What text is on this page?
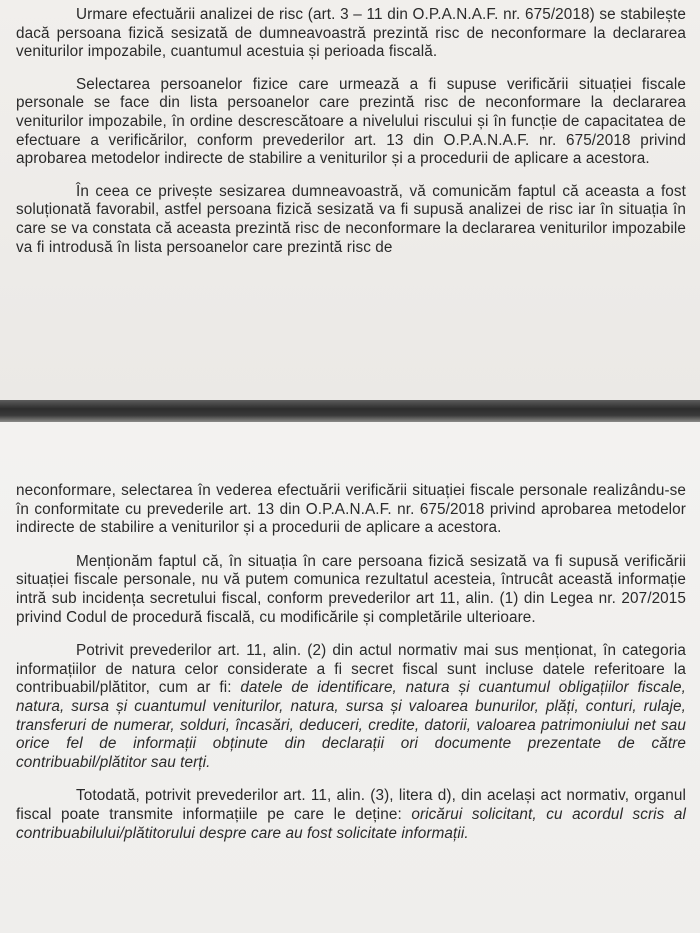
Urmare efectuării analizei de risc (art. 3 – 11 din O.P.A.N.A.F. nr. 675/2018) se stabilește dacă persoana fizică sesizată de dumneavoastră prezintă risc de neconformare la declararea veniturilor impozabile, cuantumul acestuia și perioada fiscală.

Selectarea persoanelor fizice care urmează a fi supuse verificării situației fiscale personale se face din lista persoanelor care prezintă risc de neconformare la declararea veniturilor impozabile, în ordine descrescătoare a nivelului riscului și în funcție de capacitatea de efectuare a verificărilor, conform prevederilor art. 13 din O.P.A.N.A.F. nr. 675/2018 privind aprobarea metodelor indirecte de stabilire a veniturilor și a procedurii de aplicare a acestora.

În ceea ce privește sesizarea dumneavoastră, vă comunicăm faptul că aceasta a fost soluționată favorabil, astfel persoana fizică sesizată va fi supusă analizei de risc iar în situația în care se va constata că aceasta prezintă risc de neconformare la declararea veniturilor impozabile va fi introdusă în lista persoanelor care prezintă risc de

neconformare, selectarea în vederea efectuării verificării situației fiscale personale realizându-se în conformitate cu prevederile art. 13 din O.P.A.N.A.F. nr. 675/2018 privind aprobarea metodelor indirecte de stabilire a veniturilor și a procedurii de aplicare a acestora.

Menționăm faptul că, în situația în care persoana fizică sesizată va fi supusă verificării situației fiscale personale, nu vă putem comunica rezultatul acesteia, întrucât această informație intră sub incidența secretului fiscal, conform prevederilor art 11, alin. (1) din Legea nr. 207/2015 privind Codul de procedură fiscală, cu modificările și completările ulterioare.

Potrivit prevederilor art. 11, alin. (2) din actul normativ mai sus menționat, în categoria informațiilor de natura celor considerate a fi secret fiscal sunt incluse datele referitoare la contribuabil/plătitor, cum ar fi: datele de identificare, natura și cuantumul obligațiilor fiscale, natura, sursa și cuantumul veniturilor, natura, sursa și valoarea bunurilor, plăți, conturi, rulaje, transferuri de numerar, solduri, încasări, deduceri, credite, datorii, valoarea patrimoniului net sau orice fel de informații obținute din declarații ori documente prezentate de către contribuabil/plătitor sau terți.

Totodată, potrivit prevederilor art. 11, alin. (3), litera d), din același act normativ, organul fiscal poate transmite informațiile pe care le deține: oricărui solicitant, cu acordul scris al contribuabilului/plătitorului despre care au fost solicitate informații.
